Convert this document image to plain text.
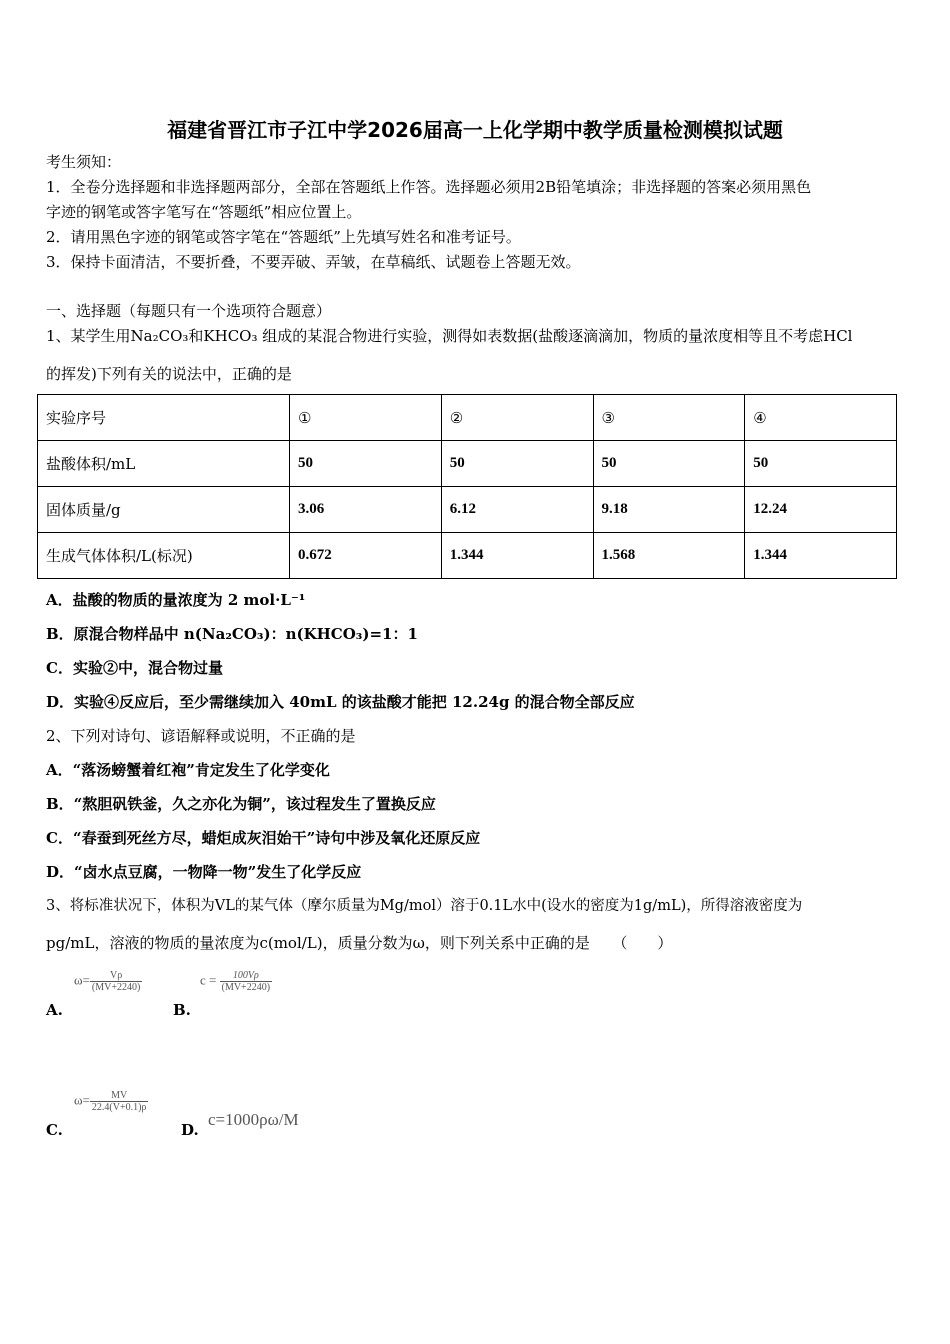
福建省晋江市子江中学2026届高一上化学期中教学质量检测模拟试题
考生须知：
1．全卷分选择题和非选择题两部分，全部在答题纸上作答。选择题必须用2B铅笔填涂；非选择题的答案必须用黑色
字迹的钢笔或答字笔写在“答题纸”相应位置上。
2．请用黑色字迹的钢笔或答字笔在“答题纸”上先填写姓名和准考证号。
3．保持卡面清洁，不要折叠，不要弄破、弄皱，在草稿纸、试题卷上答题无效。
一、选择题（每题只有一个选项符合题意）
1、某学生用Na₂CO₃和KHCO₃ 组成的某混合物进行实验，测得如表数据(盐酸逐滴滴加，物质的量浓度相等且不考虑HCl
的挥发)下列有关的说法中，正确的是
实验序号	①	②	③	④
盐酸体积/mL	50	50	50	50
固体质量/g	3.06	6.12	9.18	12.24
生成气体体积/L(标况)	0.672	1.344	1.568	1.344
A．盐酸的物质的量浓度为 2 mol·L⁻¹
B．原混合物样品中 n(Na₂CO₃)：n(KHCO₃)=1：1
C．实验②中，混合物过量
D．实验④反应后，至少需继续加入 40mL 的该盐酸才能把 12.24g 的混合物全部反应
2、下列对诗句、谚语解释或说明，不正确的是
A．“落汤螃蟹着红袍”肯定发生了化学变化
B．“熬胆矾铁釜，久之亦化为铜”，该过程发生了置换反应
C．“春蚕到死丝方尽，蜡炬成灰泪始干”诗句中涉及氧化还原反应
D．“卤水点豆腐，一物降一物”发生了化学反应
3、将标准状况下，体积为VL的某气体（摩尔质量为Mg/mol）溶于0.1L水中(设水的密度为1g/mL)，所得溶液密度为
pg/mL，溶液的物质的量浓度为c(mol/L)，质量分数为ω，则下列关系中正确的是　　（　　）
A.
$\omega= \frac{V\rho}{(MV+2240)}$
B.
$c = \frac{100V\rho}{(MV+2240)}$
C.
$\omega= \frac{MV}{22.4(V+0.1)\rho}$
D.
c=1000ρω/M
